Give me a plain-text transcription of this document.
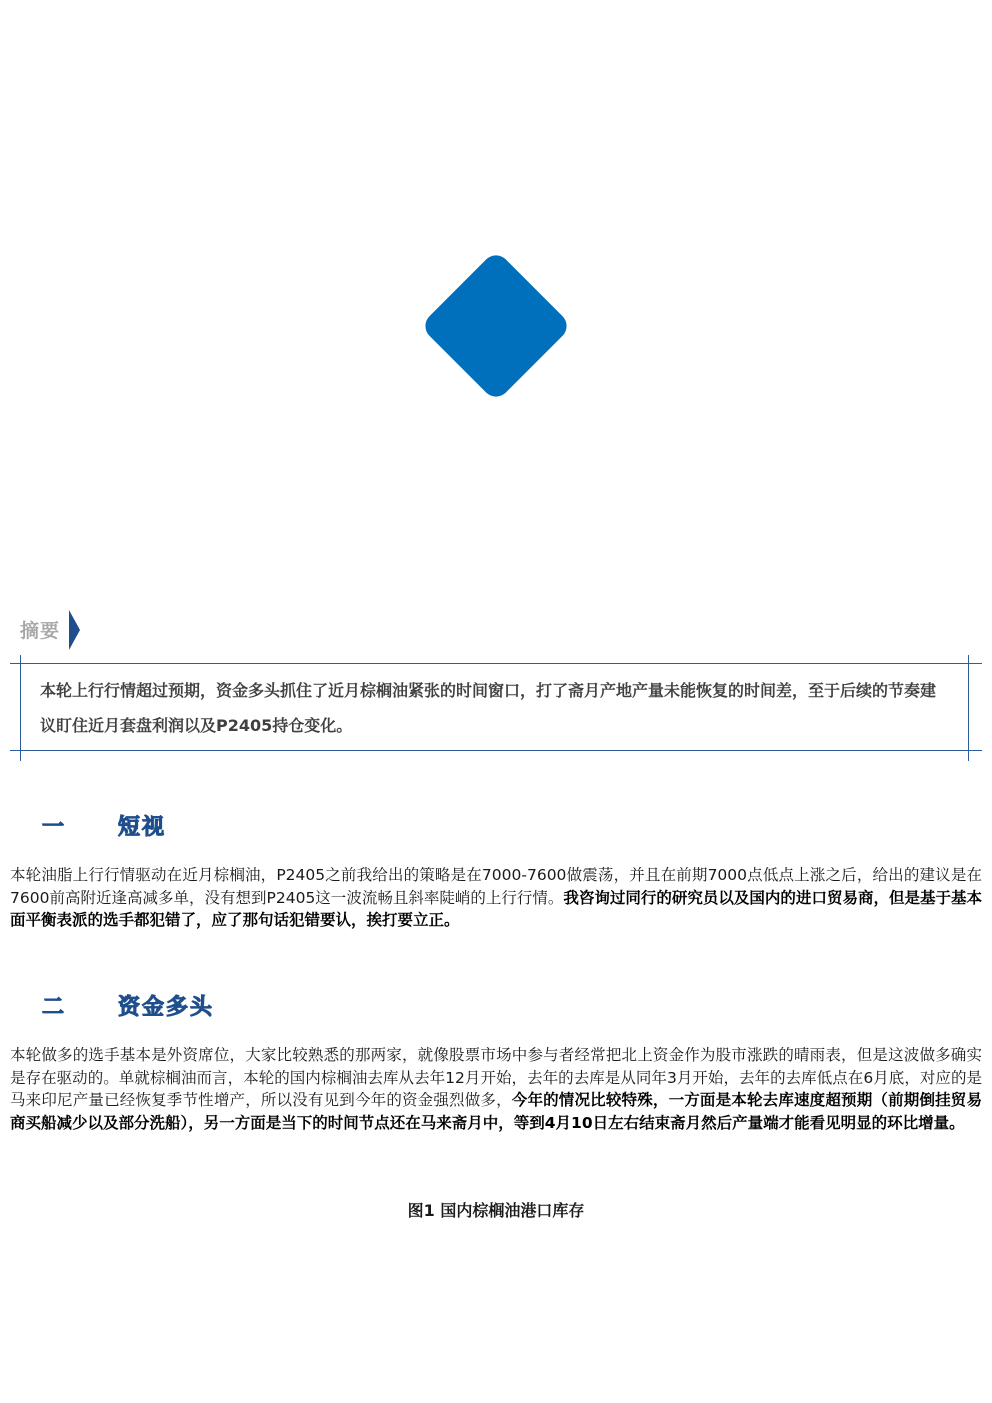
摘要
本轮上行行情超过预期，资金多头抓住了近月棕榈油紧张的时间窗口，打了斋月产地产量未能恢复的时间差，至于后续的节奏建议盯住近月套盘利润以及P2405持仓变化。
一	短视
本轮油脂上行行情驱动在近月棕榈油，P2405之前我给出的策略是在7000-7600做震荡，并且在前期7000点低点上涨之后，给出的建议是在7600前高附近逢高减多单，没有想到P2405这一波流畅且斜率陡峭的上行行情。我咨询过同行的研究员以及国内的进口贸易商，但是基于基本面平衡表派的选手都犯错了，应了那句话犯错要认，挨打要立正。
二	资金多头
本轮做多的选手基本是外资席位，大家比较熟悉的那两家，就像股票市场中参与者经常把北上资金作为股市涨跌的晴雨表，但是这波做多确实是存在驱动的。单就棕榈油而言，本轮的国内棕榈油去库从去年12月开始，去年的去库是从同年3月开始，去年的去库低点在6月底，对应的是马来印尼产量已经恢复季节性增产，所以没有见到今年的资金强烈做多，今年的情况比较特殊，一方面是本轮去库速度超预期（前期倒挂贸易商买船减少以及部分洗船），另一方面是当下的时间节点还在马来斋月中，等到4月10日左右结束斋月然后产量端才能看见明显的环比增量。
图1 国内棕榈油港口库存
